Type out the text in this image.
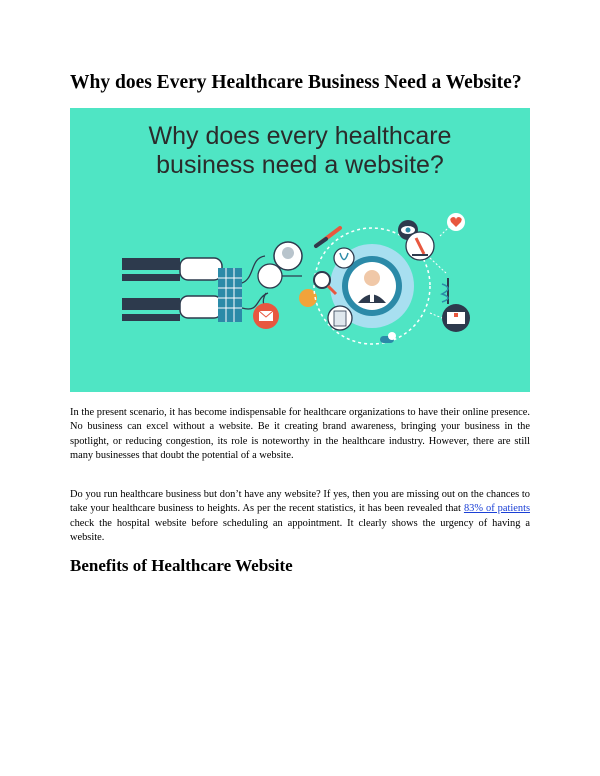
Why does Every Healthcare Business Need a Website?
Why does every healthcare
business need a website?
In the present scenario, it has become indispensable for healthcare organizations to have their online presence. No business can excel without a website. Be it creating brand awareness, bringing your business in the spotlight, or reducing congestion, its role is noteworthy in the healthcare industry. However, there are still many businesses that doubt the potential of a website.
Do you run healthcare business but don’t have any website? If yes, then you are missing out on the chances to take your healthcare business to heights. As per the recent statistics, it has been revealed that 83% of patients check the hospital website before scheduling an appointment. It clearly shows the urgency of having a website.
Benefits of Healthcare Website
